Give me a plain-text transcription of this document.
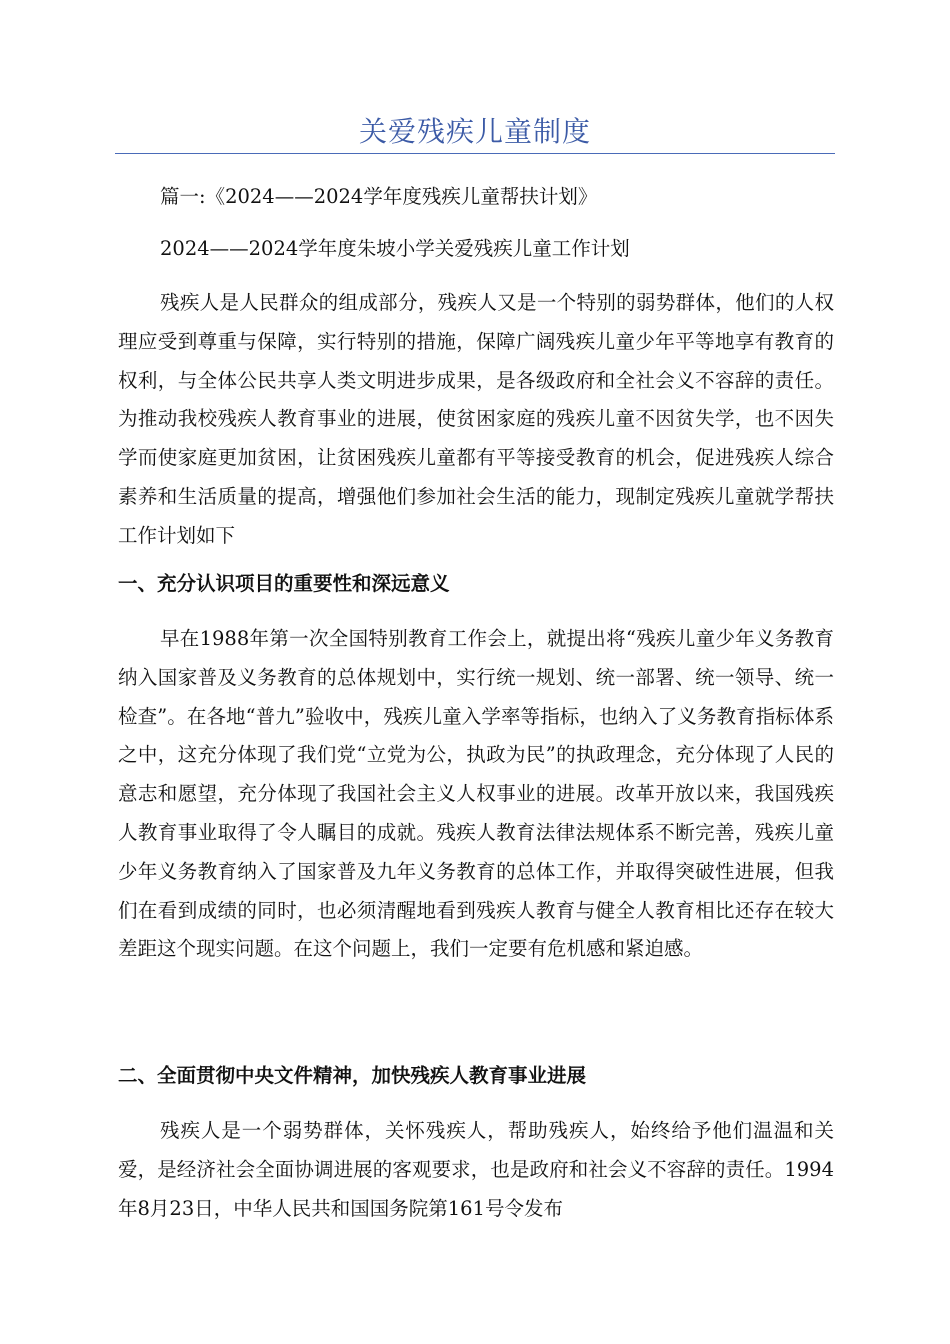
关爱残疾儿童制度
篇一:《2024——2024学年度残疾儿童帮扶计划》
2024——2024学年度朱坡小学关爱残疾儿童工作计划
残疾人是人民群众的组成部分，残疾人又是一个特别的弱势群体，他们的人权理应受到尊重与保障，实行特别的措施，保障广阔残疾儿童少年平等地享有教育的权利，与全体公民共享人类文明进步成果，是各级政府和全社会义不容辞的责任。为推动我校残疾人教育事业的进展，使贫困家庭的残疾儿童不因贫失学，也不因失学而使家庭更加贫困，让贫困残疾儿童都有平等接受教育的机会，促进残疾人综合素养和生活质量的提高，增强他们参加社会生活的能力，现制定残疾儿童就学帮扶工作计划如下
一、充分认识项目的重要性和深远意义
早在1988年第一次全国特别教育工作会上，就提出将“残疾儿童少年义务教育纳入国家普及义务教育的总体规划中，实行统一规划、统一部署、统一领导、统一检查”。在各地“普九”验收中，残疾儿童入学率等指标，也纳入了义务教育指标体系之中，这充分体现了我们党“立党为公，执政为民”的执政理念，充分体现了人民的意志和愿望，充分体现了我国社会主义人权事业的进展。改革开放以来，我国残疾人教育事业取得了令人瞩目的成就。残疾人教育法律法规体系不断完善，残疾儿童少年义务教育纳入了国家普及九年义务教育的总体工作，并取得突破性进展，但我们在看到成绩的同时，也必须清醒地看到残疾人教育与健全人教育相比还存在较大差距这个现实问题。在这个问题上，我们一定要有危机感和紧迫感。
二、全面贯彻中央文件精神，加快残疾人教育事业进展
残疾人是一个弱势群体，关怀残疾人，帮助残疾人，始终给予他们温温和关爱，是经济社会全面协调进展的客观要求，也是政府和社会义不容辞的责任。1994年8月23日，中华人民共和国国务院第161号令发布
